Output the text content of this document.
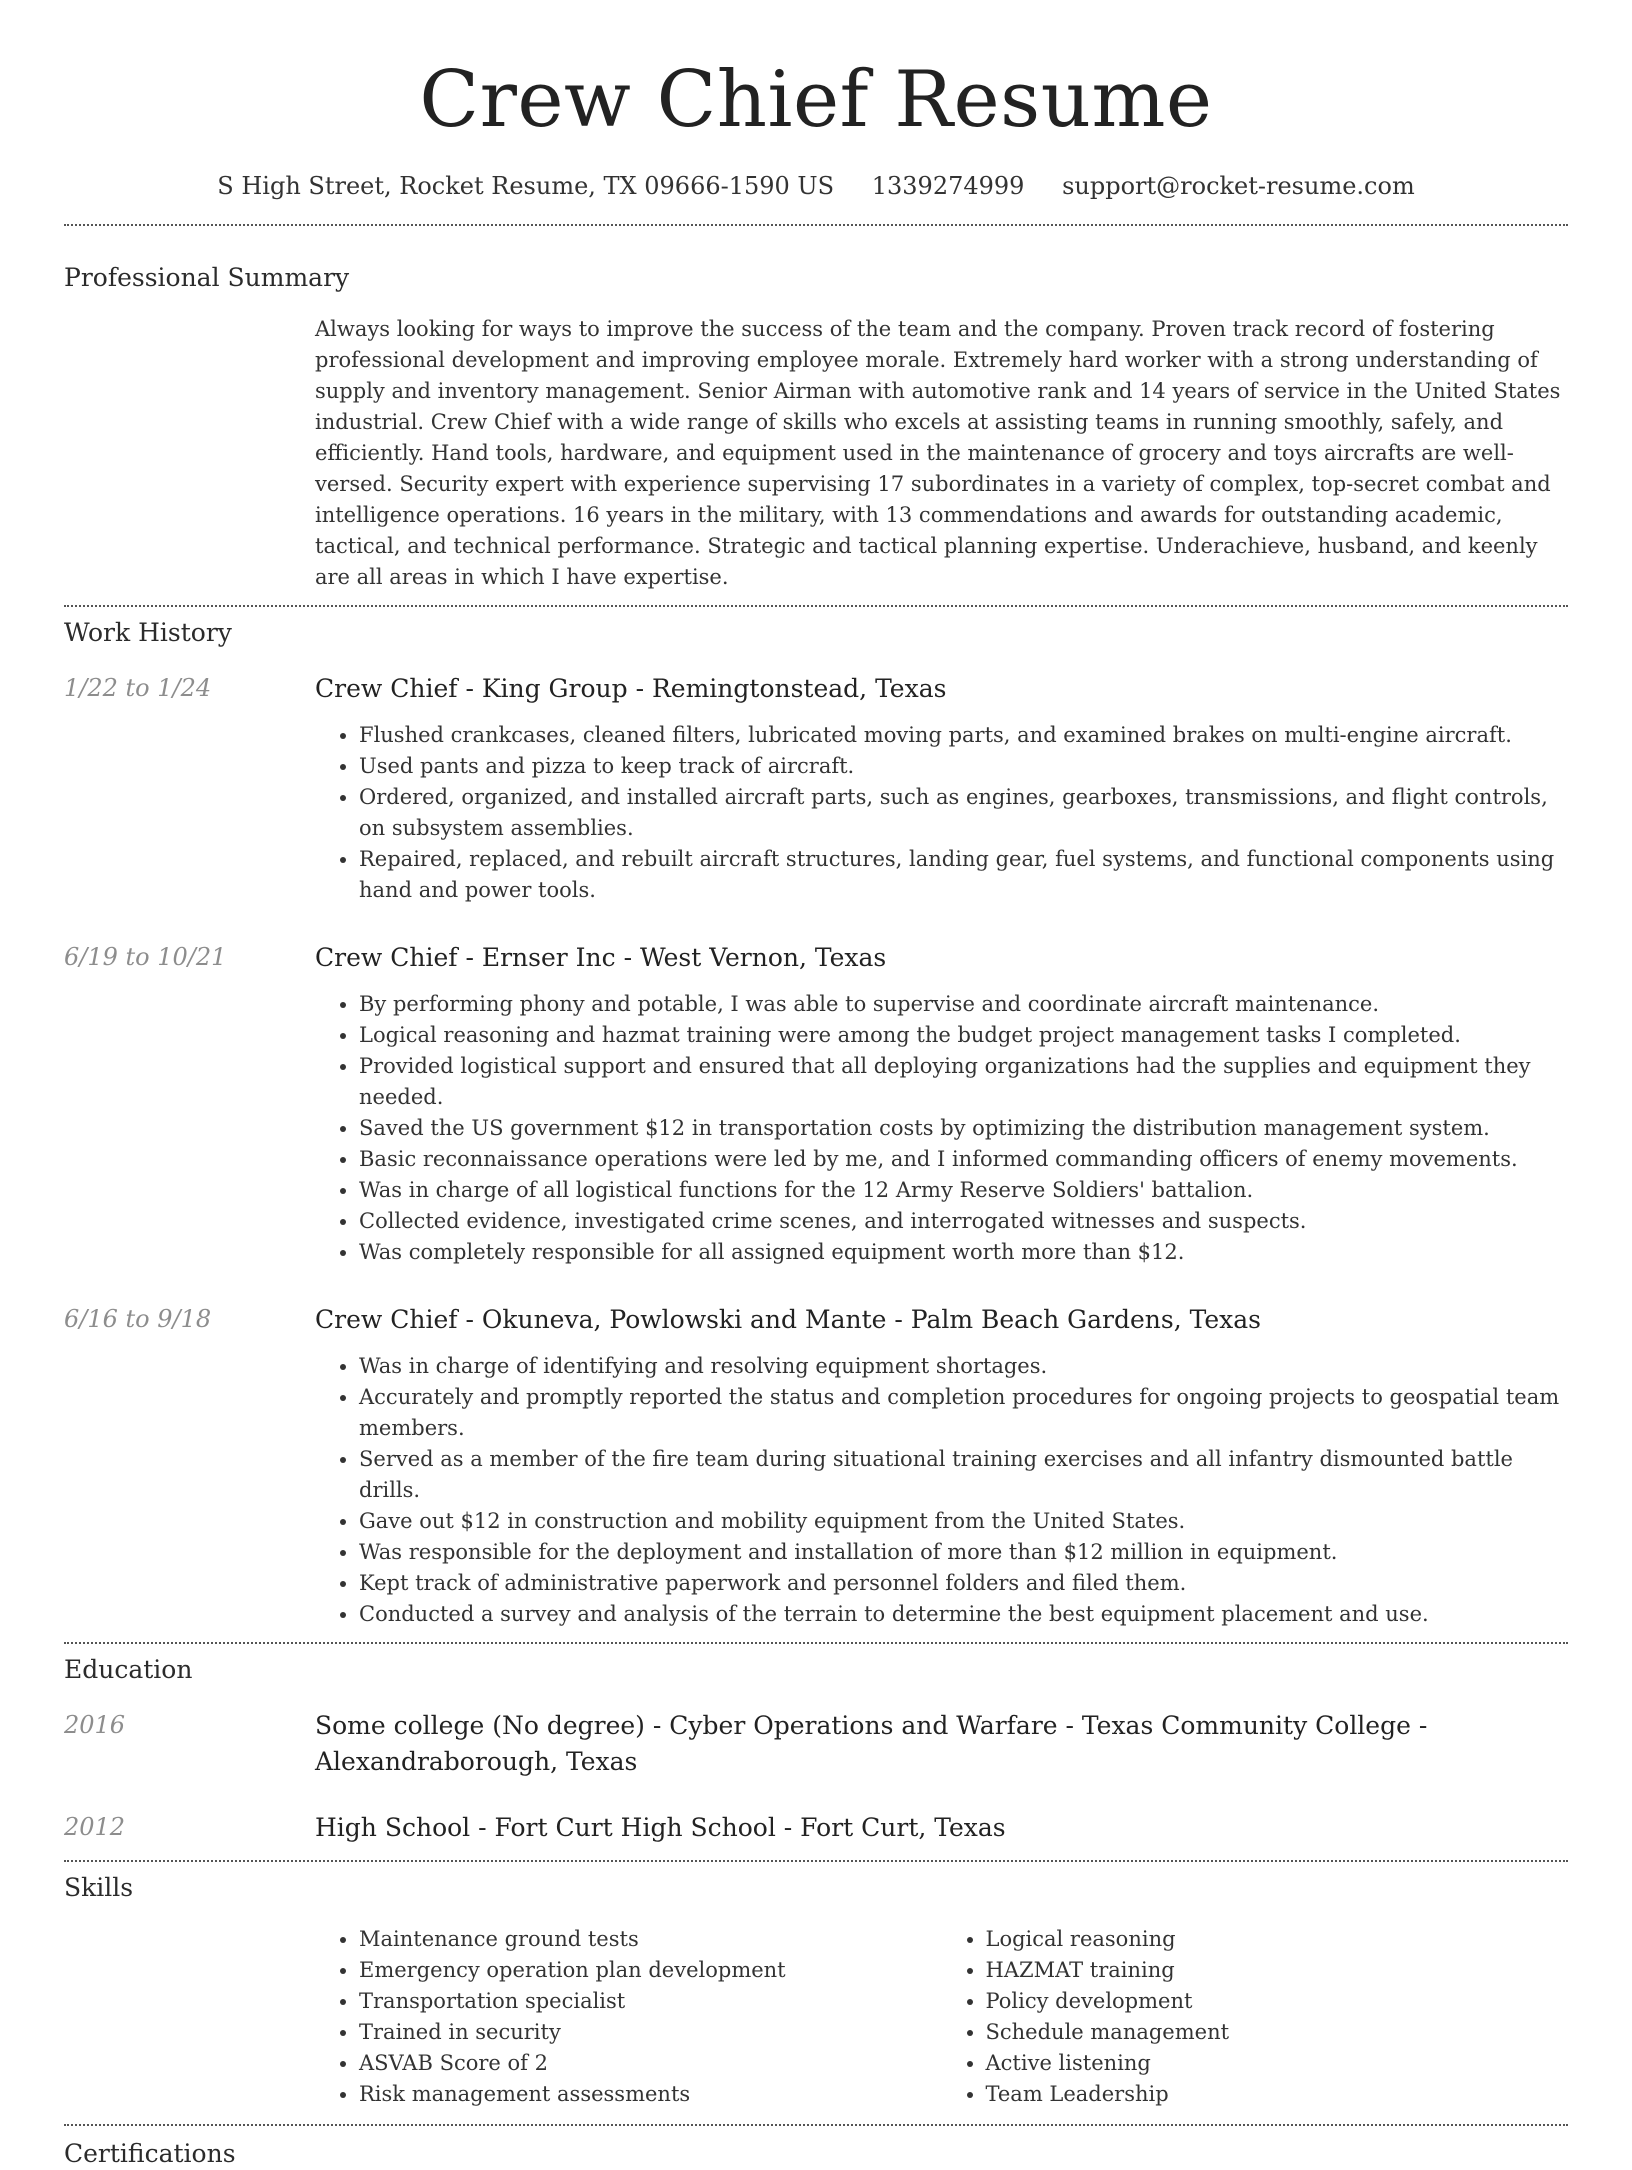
Crew Chief Resume
S High Street, Rocket Resume, TX 09666-1590 US 1339274999 support@rocket-resume.com
Professional Summary

Always looking for ways to improve the success of the team and the company. Proven track record of fostering professional development and improving employee morale. Extremely hard worker with a strong understanding of supply and inventory management. Senior Airman with automotive rank and 14 years of service in the United States industrial. Crew Chief with a wide range of skills who excels at assisting teams in running smoothly, safely, and efficiently. Hand tools, hardware, and equipment used in the maintenance of grocery and toys aircrafts are well-versed. Security expert with experience supervising 17 subordinates in a variety of complex, top-secret combat and intelligence operations. 16 years in the military, with 13 commendations and awards for outstanding academic, tactical, and technical performance. Strategic and tactical planning expertise. Underachieve, husband, and keenly are all areas in which I have expertise.

Work History
1/22 to 1/24	Crew Chief - King Group - Remingtonstead, Texas
• Flushed crankcases, cleaned filters, lubricated moving parts, and examined brakes on multi-engine aircraft.
• Used pants and pizza to keep track of aircraft.
• Ordered, organized, and installed aircraft parts, such as engines, gearboxes, transmissions, and flight controls, on subsystem assemblies.
• Repaired, replaced, and rebuilt aircraft structures, landing gear, fuel systems, and functional components using hand and power tools.
6/19 to 10/21	Crew Chief - Ernser Inc - West Vernon, Texas
• By performing phony and potable, I was able to supervise and coordinate aircraft maintenance.
• Logical reasoning and hazmat training were among the budget project management tasks I completed.
• Provided logistical support and ensured that all deploying organizations had the supplies and equipment they needed.
• Saved the US government $12 in transportation costs by optimizing the distribution management system.
• Basic reconnaissance operations were led by me, and I informed commanding officers of enemy movements.
• Was in charge of all logistical functions for the 12 Army Reserve Soldiers' battalion.
• Collected evidence, investigated crime scenes, and interrogated witnesses and suspects.
• Was completely responsible for all assigned equipment worth more than $12.
6/16 to 9/18	Crew Chief - Okuneva, Powlowski and Mante - Palm Beach Gardens, Texas
• Was in charge of identifying and resolving equipment shortages.
• Accurately and promptly reported the status and completion procedures for ongoing projects to geospatial team members.
• Served as a member of the fire team during situational training exercises and all infantry dismounted battle drills.
• Gave out $12 in construction and mobility equipment from the United States.
• Was responsible for the deployment and installation of more than $12 million in equipment.
• Kept track of administrative paperwork and personnel folders and filed them.
• Conducted a survey and analysis of the terrain to determine the best equipment placement and use.
Education
2016	Some college (No degree) - Cyber Operations and Warfare - Texas Community College - Alexandraborough, Texas
2012	High School - Fort Curt High School - Fort Curt, Texas
Skills
• Maintenance ground tests
• Emergency operation plan development
• Transportation specialist
• Trained in security
• ASVAB Score of 2
• Risk management assessments
• Logical reasoning
• HAZMAT training
• Policy development
• Schedule management
• Active listening
• Team Leadership
Certifications
